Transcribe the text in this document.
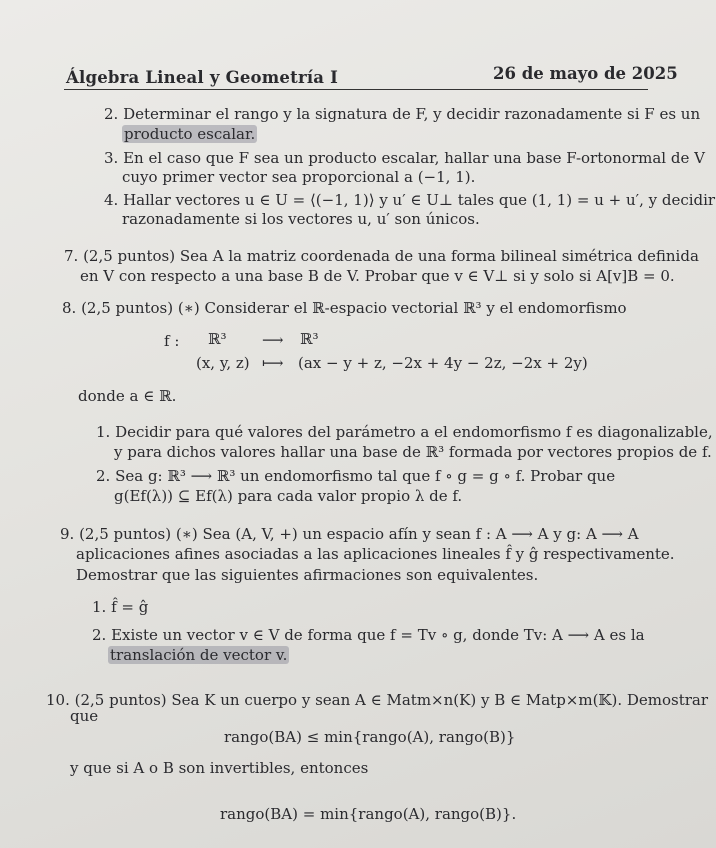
Álgebra Lineal y Geometría I	26 de mayo de 2025
2. Determinar el rango y la signatura de F, y decidir razonadamente si F es un
producto escalar.
3. En el caso que F sea un producto escalar, hallar una base F-ortonormal de V
cuyo primer vector sea proporcional a (−1, 1).
4. Hallar vectores u ∈ U = ⟨(−1, 1)⟩ y u′ ∈ U⊥ tales que (1, 1) = u + u′, y decidir
razonadamente si los vectores u, u′ son únicos.
7. (2,5 puntos) Sea A la matriz coordenada de una forma bilineal simétrica definida
en V con respecto a una base B de V. Probar que v ∈ V⊥ si y solo si A[v]B = 0.
8. (2,5 puntos) (∗) Considerar el ℝ-espacio vectorial ℝ³ y el endomorfismo
f : ℝ³ ⟶ ℝ³
(x, y, z) ⟼ (ax − y + z, −2x + 4y − 2z, −2x + 2y)
donde a ∈ ℝ.
1. Decidir para qué valores del parámetro a el endomorfismo f es diagonalizable,
y para dichos valores hallar una base de ℝ³ formada por vectores propios de f.
2. Sea g: ℝ³ ⟶ ℝ³ un endomorfismo tal que f ∘ g = g ∘ f. Probar que
g(Ef(λ)) ⊆ Ef(λ) para cada valor propio λ de f.
9. (2,5 puntos) (∗) Sea (A, V, +) un espacio afín y sean f : A ⟶ A y g: A ⟶ A
aplicaciones afines asociadas a las aplicaciones lineales f̂ y ĝ respectivamente.
Demostrar que las siguientes afirmaciones son equivalentes.
1. f̂ = ĝ
2. Existe un vector v ∈ V de forma que f = Tv ∘ g, donde Tv: A ⟶ A es la
translación de vector v.
10. (2,5 puntos) Sea K un cuerpo y sean A ∈ Matm×n(K) y B ∈ Matp×m(𝕂). Demostrar
que
rango(BA) ≤ min{rango(A), rango(B)}
y que si A o B son invertibles, entonces
rango(BA) = min{rango(A), rango(B)}.
